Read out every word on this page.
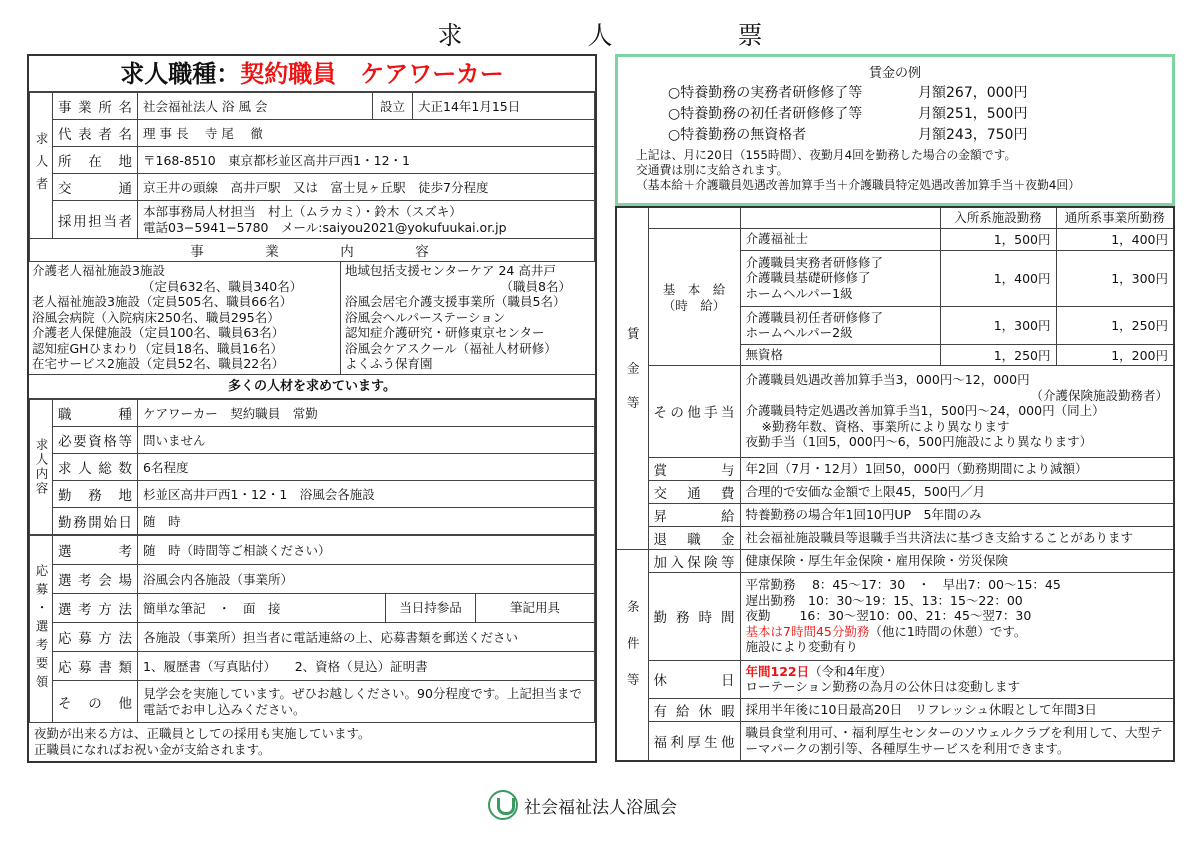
求　人　票
求人職種：契約職員　ケアワーカー
求人者	事業所名	社会福祉法人 浴 風 会	設立	大正14年1月15日
	代表者名	理 事 長　 寺 尾　 徹		
	所在地	〒168-8510　東京都杉並区高井戸西1・12・1		
	交通	京王井の頭線　高井戸駅　又は　富士見ヶ丘駅　徒歩7分程度		
	採用担当者	本部事務局人材担当　村上（ムラカミ）・鈴木（スズキ）
電話03−5941−5780　メール:saiyou2021@yokufuukai.or.jp		

事　業　内　容				
介護老人福祉施設3施設
（定員632名、職員340名）
老人福祉施設3施設（定員505名、職員66名）
浴風会病院（入院病床250名、職員295名）
介護老人保健施設（定員100名、職員63名）
認知症GHひまわり（定員18名、職員16名）
在宅サービス2施設（定員52名、職員22名）
地域包括支援センターケア 24 高井戸
（職員8名）
浴風会居宅介護支援事業所（職員5名）
浴風会ヘルパーステーション
認知症介護研究・研修東京センター
浴風会ケアスクール（福祉人材研修）
よくふう保育園
多くの人材を求めています。
求人内容	職種	ケアワーカー　契約職員　常勤
	必要資格等	問いません
	求人総数	6名程度
	勤務地	杉並区高井戸西1・12・1　浴風会各施設
	勤務開始日	随　時
応募・選考要領	選考	随　時（時間等ご相談ください）		
	選考会場	浴風会内各施設（事業所）		
	選考方法	簡単な筆記　・　面　接	当日持参品	筆記用具
	応募方法	各施設（事業所）担当者に電話連絡の上、応募書類を郵送ください		
	応募書類	1、履歴書（写真貼付）　　2、資格（見込）証明書		
	その他	見学会を実施しています。ぜひお越しください。90分程度です。上記担当まで電話でお申し込みください。		
夜勤が出来る方は、正職員としての採用も実施しています。
正職員になればお祝い金が支給されます。
賃金の例
○特養勤務の実務者研修修了等	月額267，000円
○特養勤務の初任者研修修了等	月額251，500円
○特養勤務の無資格者	月額243，750円
上記は、月に20日（155時間）、夜勤月4回を勤務した場合の金額です。
交通費は別に支給されます。
（基本給＋介護職員処遇改善加算手当＋介護職員特定処遇改善加算手当＋夜勤4回）
賃金等			入所系施設勤務	通所系事業所勤務

	基　本　給
（時　給）	介護福祉士	1，500円	1，400円
		介護職員実務者研修修了
介護職員基礎研修修了
ホームヘルパー1級	1，400円	1，300円
		介護職員初任者研修修了
ホームヘルパー2級	1，300円	1，250円
		無資格	1，250円	1，200円
	その他手当	介護職員処遇改善加算手当3，000円〜12，000円
（介護保険施設勤務者）
介護職員特定処遇改善加算手当1，500円〜24，000円（同上）
※勤務年数、資格、事業所により異なります
夜勤手当（1回5，000円〜6，500円施設により異なります）		

	賞与	年2回（7月・12月）1回50，000円（勤務期間により減額）		
	交通費	合理的で安価な金額で上限45，500円／月		
	昇給	特養勤務の場合年1回10円UP　5年間のみ		
	退職金	社会福祉施設職員等退職手当共済法に基づき支給することがあります		
条件等	加入保険等	健康保険・厚生年金保険・雇用保険・労災保険		
	勤務時間	平常勤務　 8：45〜17：30　・　早出7：00〜15：45
遅出勤務　10：30〜19：15、13：15〜22：00
夜勤　 　16：30〜翌10：00、21：45〜翌7：30
基本は7時間45分勤務（他に1時間の休憩）です。
施設により変動有り		

	休日	年間122日（令和4年度）
ローテーション勤務の為月の公休日は変動します		

	有給休暇	採用半年後に10日最高20日　リフレッシュ休暇として年間3日		
	福利厚生他	職員食堂利用可、・福利厚生センターのソウェルクラブを利用して、大型テーマパークの割引等、各種厚生サービスを利用できます。		
社会福祉法人浴風会
